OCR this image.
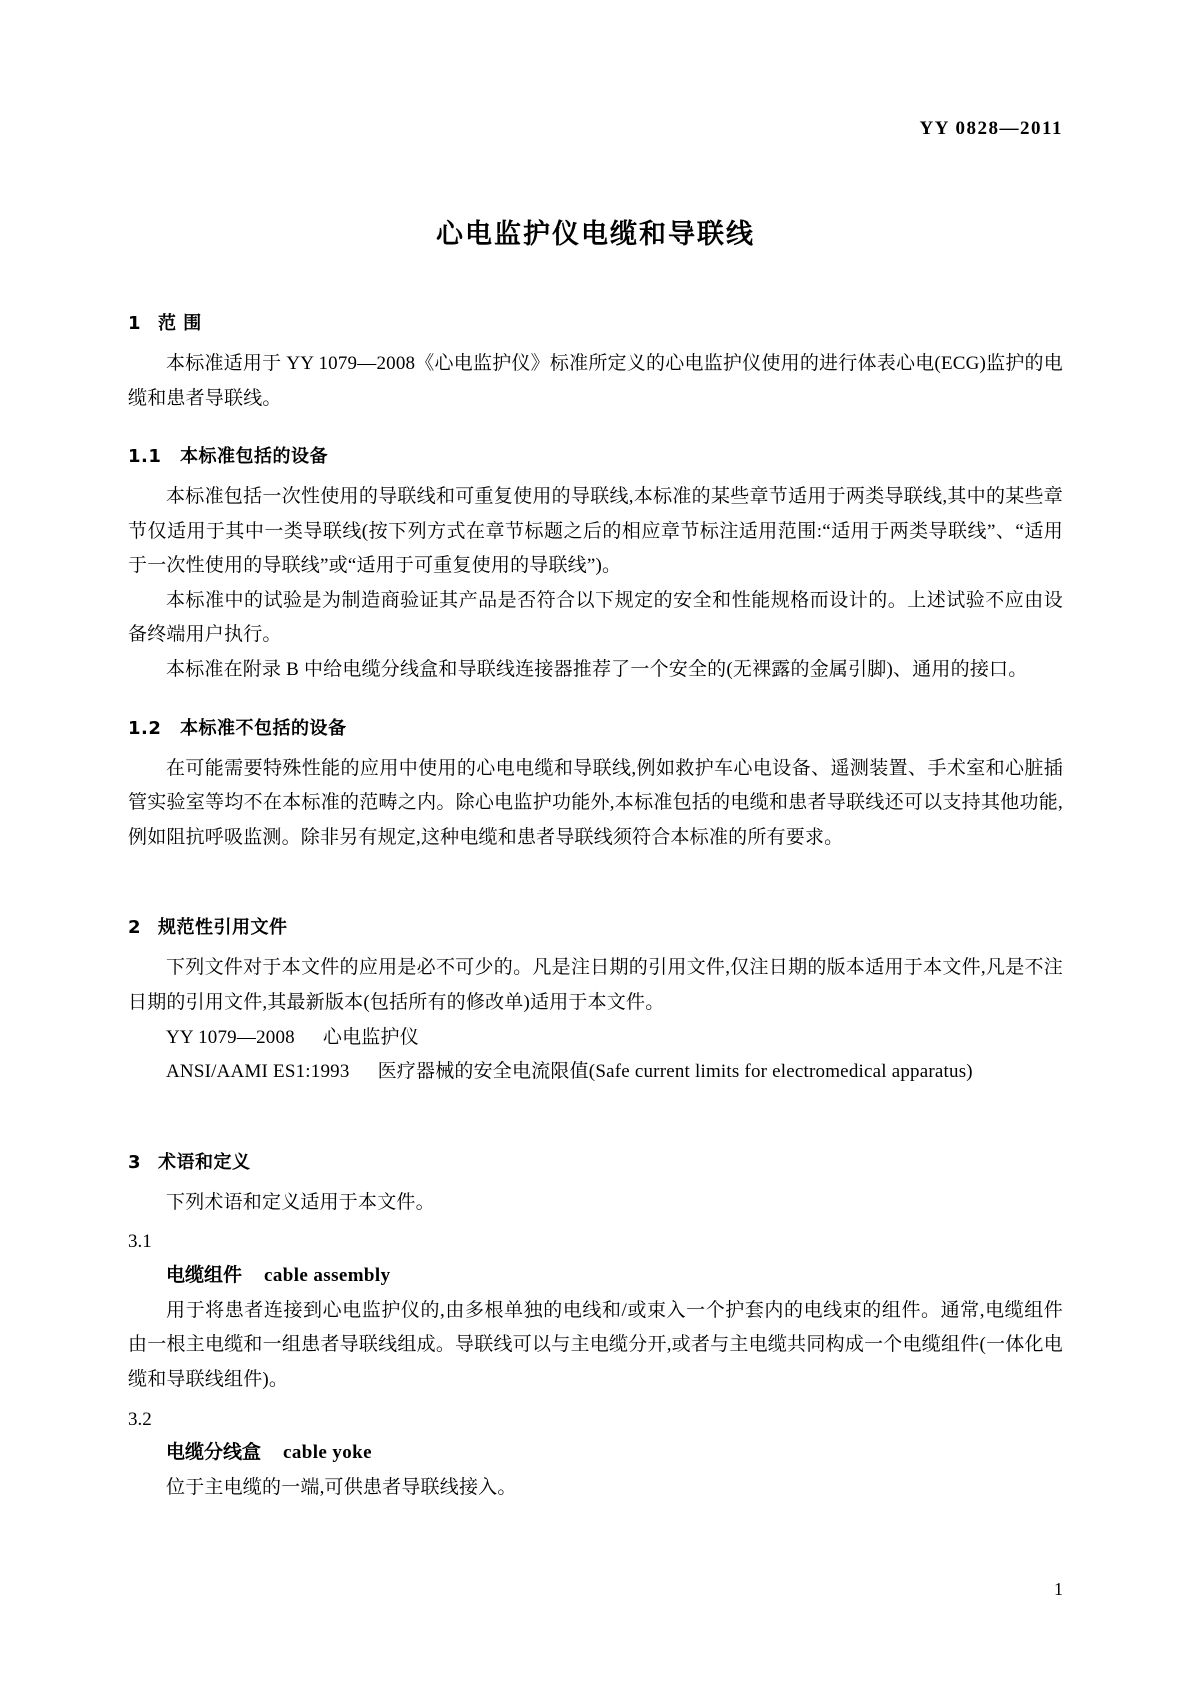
YY 0828—2011
心电监护仪电缆和导联线
1 范 围

本标准适用于 YY 1079—2008《心电监护仪》标准所定义的心电监护仪使用的进行体表心电(ECG)监护的电缆和患者导联线。

1.1 本标准包括的设备

本标准包括一次性使用的导联线和可重复使用的导联线,本标准的某些章节适用于两类导联线,其中的某些章节仅适用于其中一类导联线(按下列方式在章节标题之后的相应章节标注适用范围:“适用于两类导联线”、“适用于一次性使用的导联线”或“适用于可重复使用的导联线”)。

本标准中的试验是为制造商验证其产品是否符合以下规定的安全和性能规格而设计的。上述试验不应由设备终端用户执行。

本标准在附录 B 中给电缆分线盒和导联线连接器推荐了一个安全的(无裸露的金属引脚)、通用的接口。

1.2 本标准不包括的设备

在可能需要特殊性能的应用中使用的心电电缆和导联线,例如救护车心电设备、遥测装置、手术室和心脏插管实验室等均不在本标准的范畴之内。除心电监护功能外,本标准包括的电缆和患者导联线还可以支持其他功能,例如阻抗呼吸监测。除非另有规定,这种电缆和患者导联线须符合本标准的所有要求。

2 规范性引用文件

下列文件对于本文件的应用是必不可少的。凡是注日期的引用文件,仅注日期的版本适用于本文件,凡是不注日期的引用文件,其最新版本(包括所有的修改单)适用于本文件。

YY 1079—2008 心电监护仪

ANSI/AAMI ES1:1993 医疗器械的安全电流限值(Safe current limits for electromedical apparatus)

3 术语和定义

下列术语和定义适用于本文件。

3.1

电缆组件 cable assembly

用于将患者连接到心电监护仪的,由多根单独的电线和/或束入一个护套内的电线束的组件。通常,电缆组件由一根主电缆和一组患者导联线组成。导联线可以与主电缆分开,或者与主电缆共同构成一个电缆组件(一体化电缆和导联线组件)。

3.2

电缆分线盒 cable yoke

位于主电缆的一端,可供患者导联线接入。

1
